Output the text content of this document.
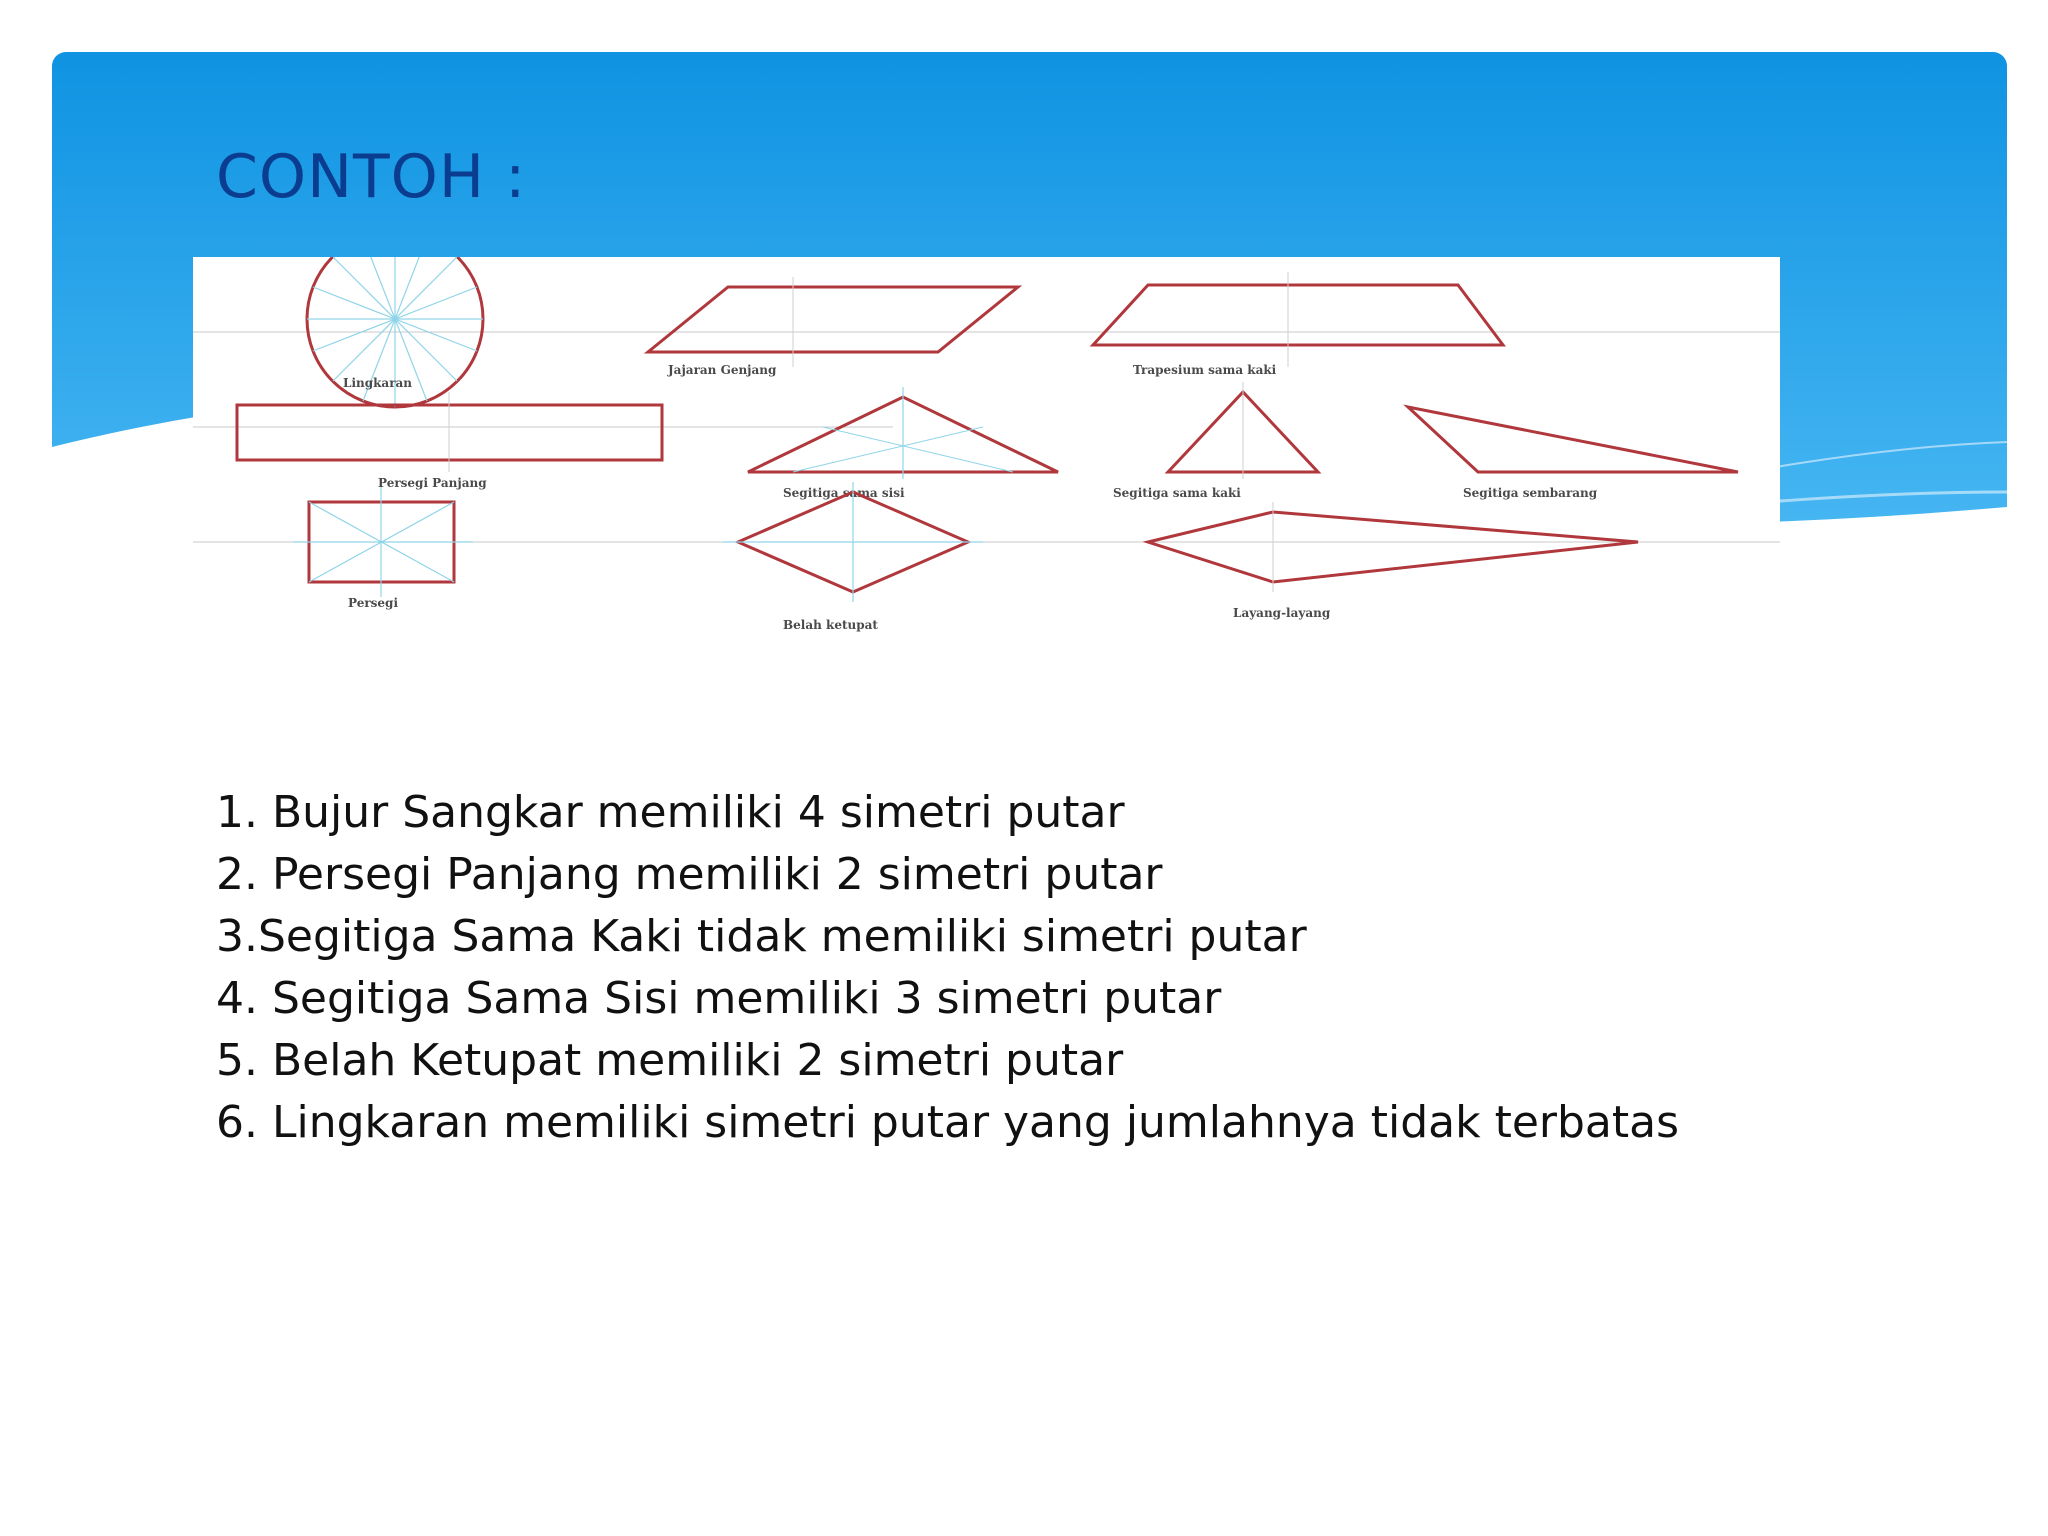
CONTOH :
Lingkaran
Jajaran Genjang	Trapesium sama kaki
Persegi Panjang
Segitiga sama sisi	Segitiga sama kaki	Segitiga sembarang
Persegi
Belah ketupat
Layang-layang
1. Bujur Sangkar memiliki 4 simetri putar
2. Persegi Panjang memiliki 2 simetri putar
3.Segitiga Sama Kaki tidak memiliki simetri putar
4. Segitiga Sama Sisi memiliki 3 simetri putar
5. Belah Ketupat memiliki 2 simetri putar
6. Lingkaran memiliki simetri putar yang jumlahnya tidak terbatas
